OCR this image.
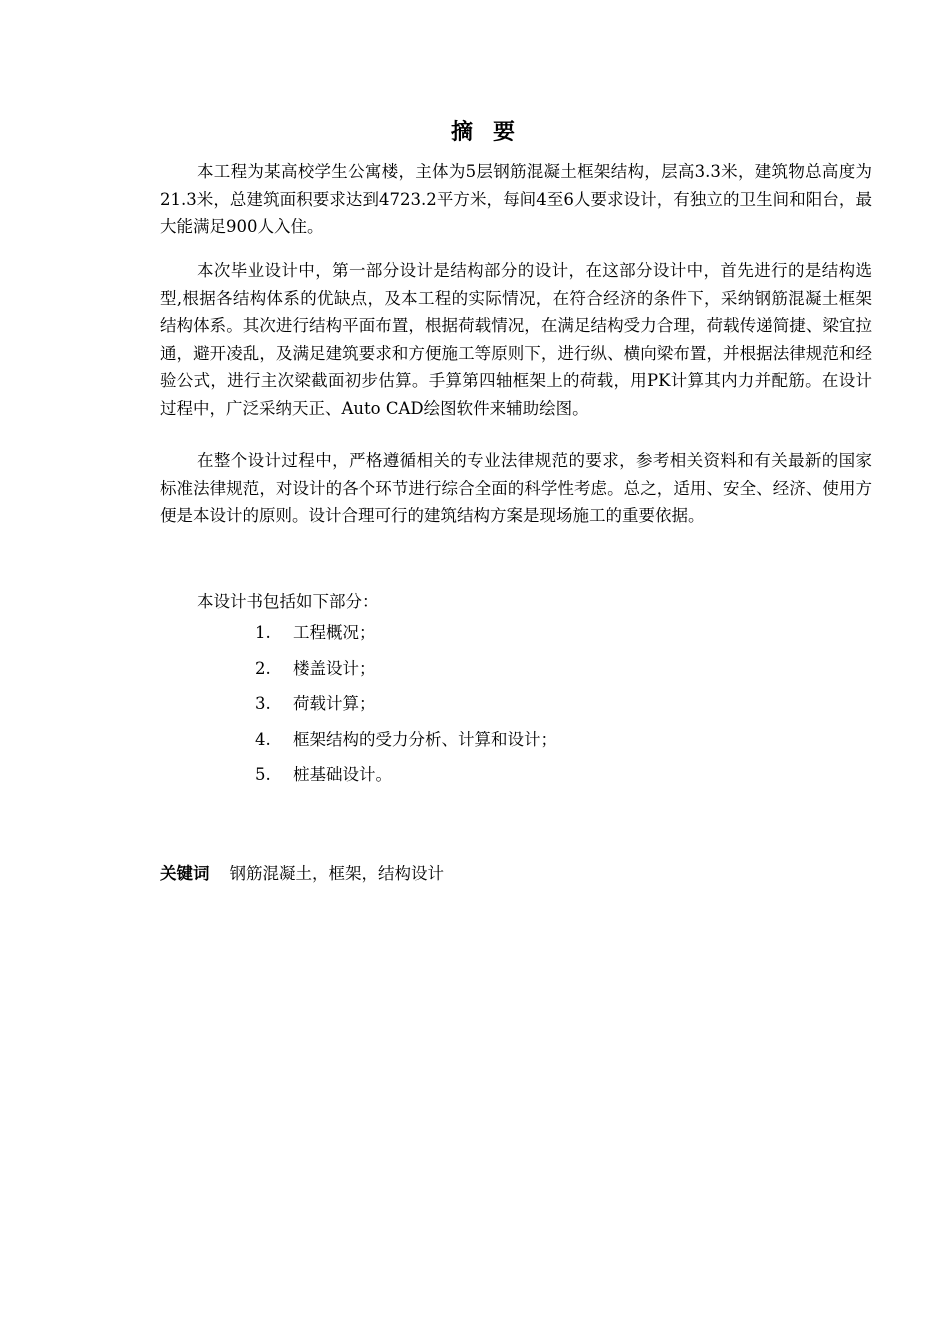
摘要

本工程为某高校学生公寓楼，主体为5层钢筋混凝土框架结构，层高3.3米，建筑物总高度为21.3米，总建筑面积要求达到4723.2平方米，每间4至6人要求设计，有独立的卫生间和阳台，最大能满足900人入住。

本次毕业设计中，第一部分设计是结构部分的设计，在这部分设计中，首先进行的是结构选型,根据各结构体系的优缺点，及本工程的实际情况，在符合经济的条件下，采纳钢筋混凝土框架结构体系。其次进行结构平面布置，根据荷载情况，在满足结构受力合理，荷载传递简捷、梁宜拉通，避开凌乱，及满足建筑要求和方便施工等原则下，进行纵、横向梁布置，并根据法律规范和经验公式，进行主次梁截面初步估算。手算第四轴框架上的荷载，用PK计算其内力并配筋。在设计过程中，广泛采纳天正、Auto CAD绘图软件来辅助绘图。

在整个设计过程中，严格遵循相关的专业法律规范的要求，参考相关资料和有关最新的国家标准法律规范，对设计的各个环节进行综合全面的科学性考虑。总之，适用、安全、经济、使用方便是本设计的原则。设计合理可行的建筑结构方案是现场施工的重要依据。

本设计书包括如下部分：
1. 工程概况；
2. 楼盖设计；
3. 荷载计算；
4. 框架结构的受力分析、计算和设计；
5. 桩基础设计。
关键词 钢筋混凝土，框架，结构设计
